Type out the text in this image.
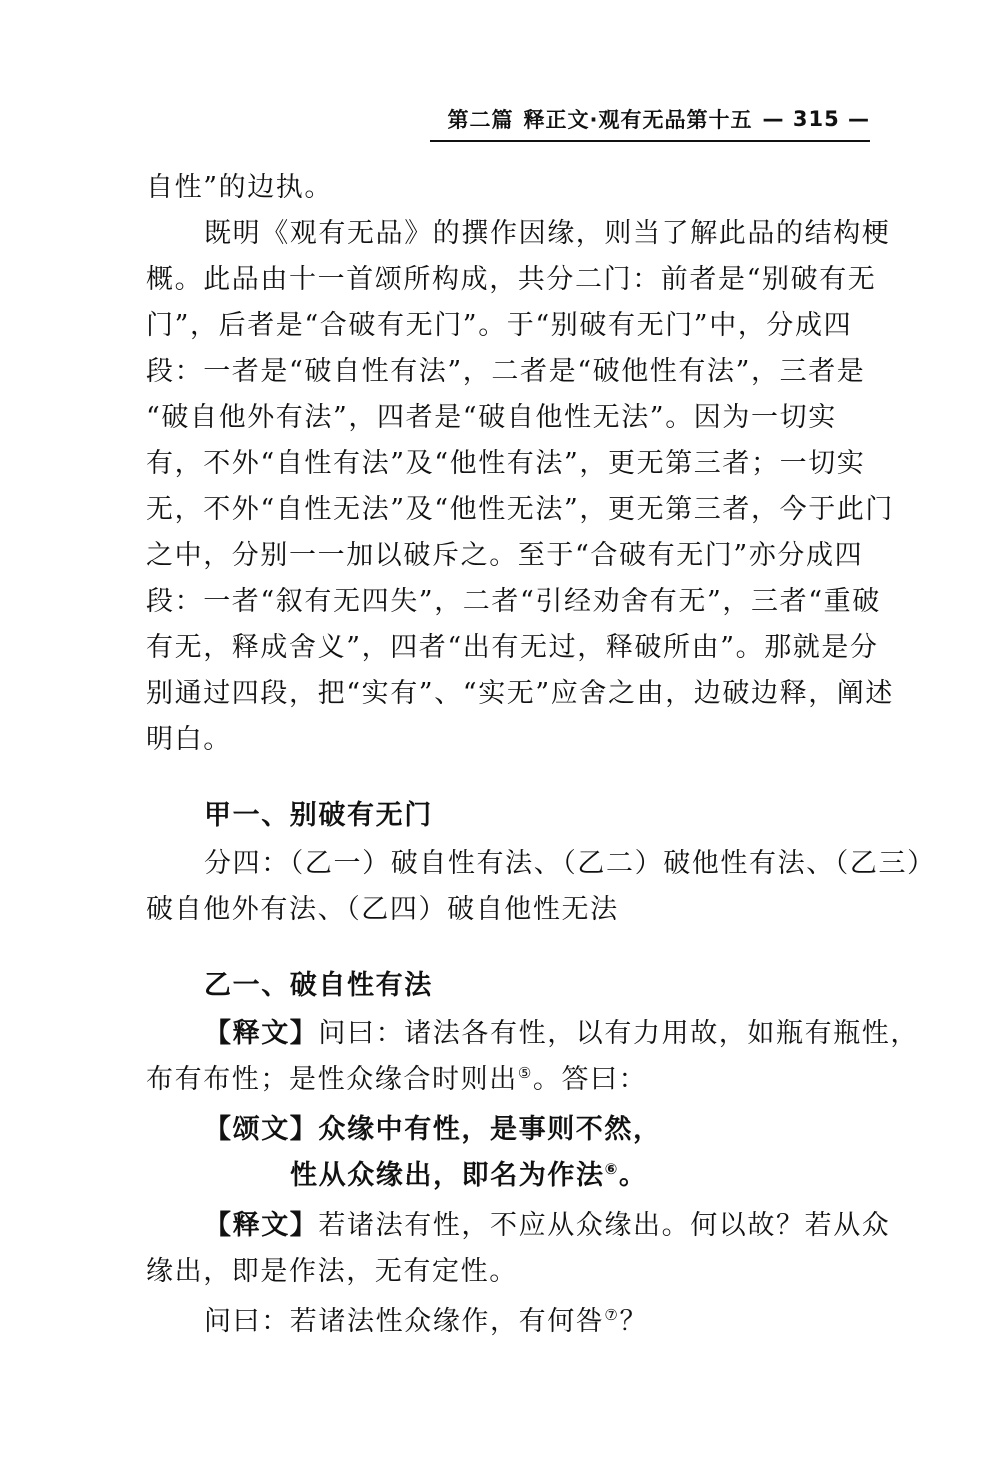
第二篇 释正文·观有无品第十五 — 315 —
自性”的边执。
既明《观有无品》的撰作因缘，则当了解此品的结构梗
概。此品由十一首颂所构成，共分二门：前者是“别破有无
门”，后者是“合破有无门”。于“别破有无门”中，分成四
段：一者是“破自性有法”，二者是“破他性有法”，三者是
“破自他外有法”，四者是“破自他性无法”。因为一切实
有，不外“自性有法”及“他性有法”，更无第三者；一切实
无，不外“自性无法”及“他性无法”，更无第三者，今于此门
之中，分别一一加以破斥之。至于“合破有无门”亦分成四
段：一者“叙有无四失”，二者“引经劝舍有无”，三者“重破
有无，释成舍义”，四者“出有无过，释破所由”。那就是分
别通过四段，把“实有”、“实无”应舍之由，边破边释，阐述
明白。
甲一、别破有无门
分四：（乙一）破自性有法、（乙二）破他性有法、（乙三）
破自他外有法、（乙四）破自他性无法
乙一、破自性有法
【释文】问曰：诸法各有性，以有力用故，如瓶有瓶性，
布有布性；是性众缘合时则出⑤。答曰：
【颂文】众缘中有性，是事则不然，
性从众缘出，即名为作法⑥。
【释文】若诸法有性，不应从众缘出。何以故？若从众
缘出，即是作法，无有定性。
问曰：若诸法性众缘作，有何咎⑦？
